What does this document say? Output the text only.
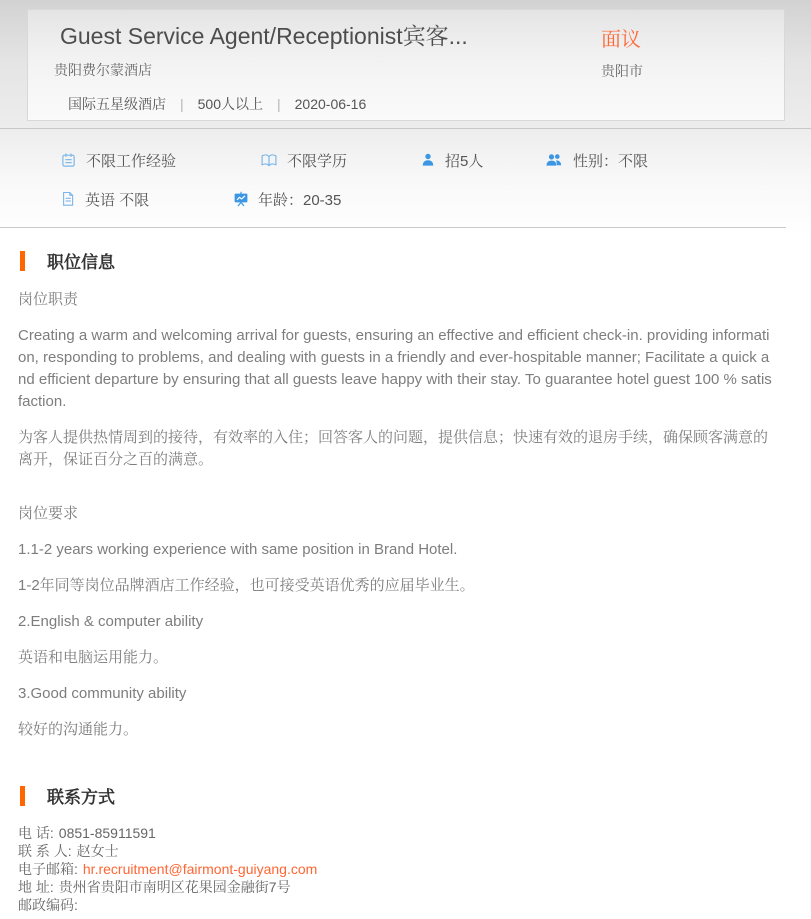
Guest Service Agent/Receptionist宾客...	面议
贵阳费尔蒙酒店	贵阳市
国际五星级酒店 | 500人以上 | 2020-06-16
不限工作经验	不限学历	招5人	性别：不限
英语 不限	年龄：20-35
职位信息

岗位职责

Creating a warm and welcoming arrival for guests, ensuring an effective and efficient check-in. providing information, responding to problems, and dealing with guests in a friendly and ever-hospitable manner; Facilitate a quick and efficient departure by ensuring that all guests leave happy with their stay. To guarantee hotel guest 100 % satisfaction.

为客人提供热情周到的接待，有效率的入住；回答客人的问题，提供信息；快速有效的退房手续，确保顾客满意的离开，保证百分之百的满意。

岗位要求

1.1-2 years working experience with same position in Brand Hotel.

1-2年同等岗位品牌酒店工作经验，也可接受英语优秀的应届毕业生。

2.English & computer ability

英语和电脑运用能力。

3.Good community ability

较好的沟通能力。

联系方式
电 话: 0851-85911591
联 系 人: 赵女士
电子邮箱: hr.recruitment@fairmont-guiyang.com
地 址: 贵州省贵阳市南明区花果园金融街7号
邮政编码:
